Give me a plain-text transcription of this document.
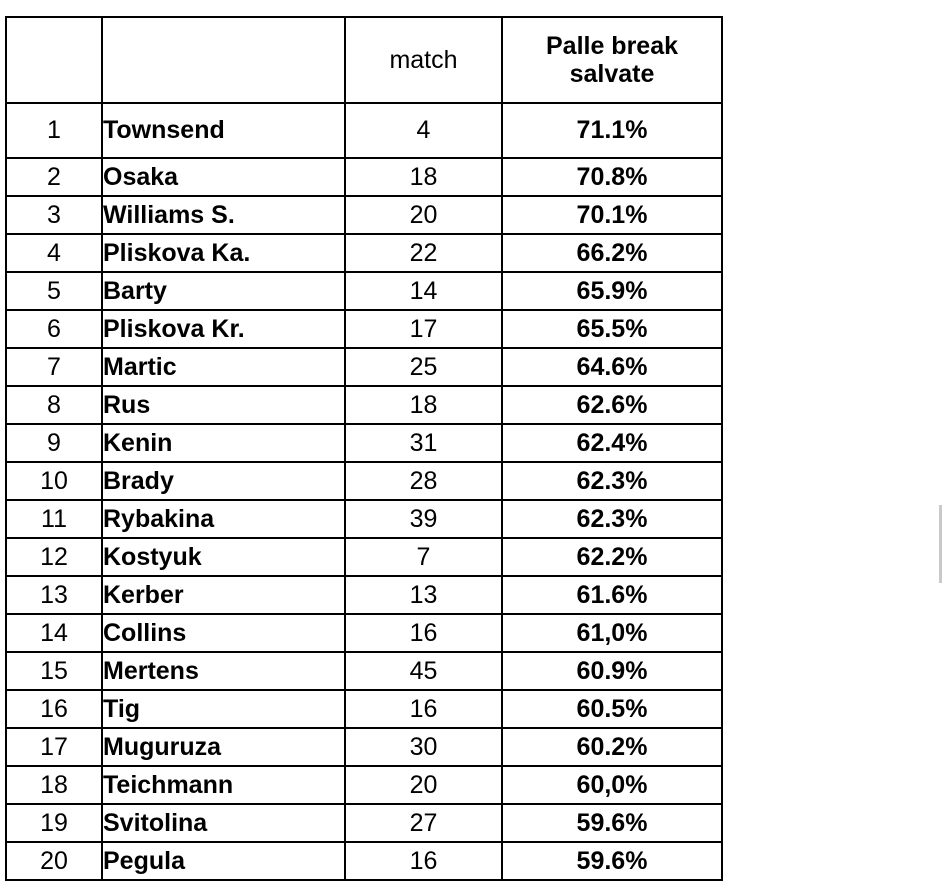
		match	Palle break salvate
1	Townsend	4	71.1%
2	Osaka	18	70.8%
3	Williams S.	20	70.1%
4	Pliskova Ka.	22	66.2%
5	Barty	14	65.9%
6	Pliskova Kr.	17	65.5%
7	Martic	25	64.6%
8	Rus	18	62.6%
9	Kenin	31	62.4%
10	Brady	28	62.3%
11	Rybakina	39	62.3%
12	Kostyuk	7	62.2%
13	Kerber	13	61.6%
14	Collins	16	61,0%
15	Mertens	45	60.9%
16	Tig	16	60.5%
17	Muguruza	30	60.2%
18	Teichmann	20	60,0%
19	Svitolina	27	59.6%
20	Pegula	16	59.6%
